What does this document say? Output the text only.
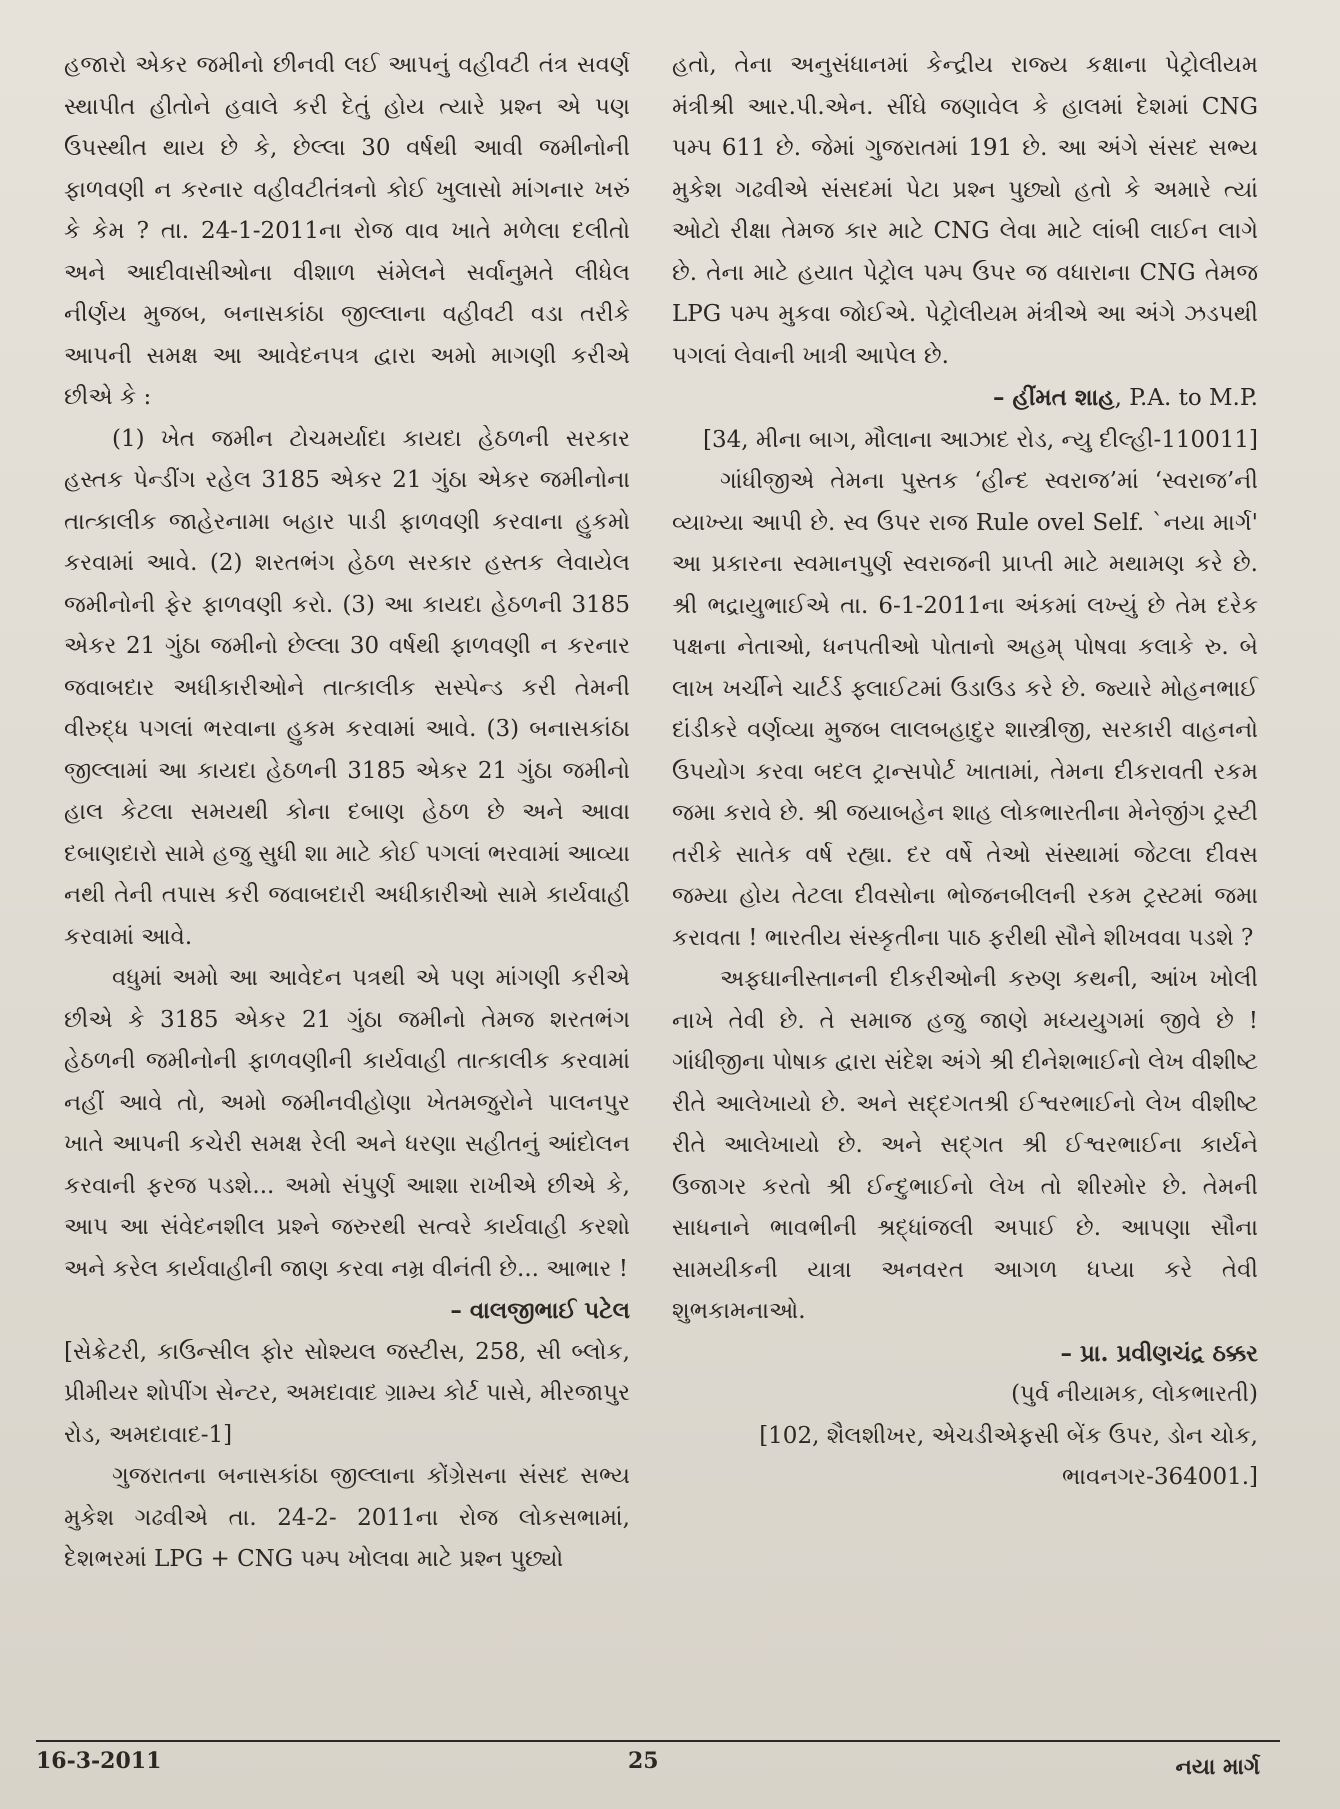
હજારો એકર જમીનો છીનવી લઈ આપનું વહીવટી તંત્ર સવર્ણ સ્થાપીત હીતોને હવાલે કરી દેતું હોય ત્યારે પ્રશ્ન એ પણ ઉપસ્થીત થાય છે કે, છેલ્લા 30 વર્ષથી આવી જમીનોની ફાળવણી ન કરનાર વહીવટીતંત્રનો કોઈ ખુલાસો માંગનાર ખરું કે કેમ ? તા. 24-1-2011ના રોજ વાવ ખાતે મળેલા દલીતો અને આદીવાસીઓના વીશાળ સંમેલને સર્વાનુમતે લીધેલ નીર્ણય મુજબ, બનાસકાંઠા જીલ્લાના વહીવટી વડા તરીકે આપની સમક્ષ આ આવેદનપત્ર દ્વારા અમો માગણી કરીએ છીએ કે :

(1) ખેત જમીન ટોચમર્યાદા કાયદા હેઠળની સરકાર હસ્તક પેન્ડીંગ રહેલ 3185 એકર 21 ગુંઠા એકર જમીનોના તાત્કાલીક જાહેરનામા બહાર પાડી ફાળવણી કરવાના હુકમો કરવામાં આવે. (2) શરતભંગ હેઠળ સરકાર હસ્તક લેવાયેલ જમીનોની ફેર ફાળવણી કરો. (3) આ કાયદા હેઠળની 3185 એકર 21 ગુંઠા જમીનો છેલ્લા 30 વર્ષથી ફાળવણી ન કરનાર જવાબદાર અધીકારીઓને તાત્કાલીક સસ્પેન્ડ કરી તેમની વીરુદ્ધ પગલાં ભરવાના હુકમ કરવામાં આવે. (3) બનાસકાંઠા જીલ્લામાં આ કાયદા હેઠળની 3185 એકર 21 ગુંઠા જમીનો હાલ કેટલા સમયથી કોના દબાણ હેઠળ છે અને આવા દબાણદારો સામે હજુ સુધી શા માટે કોઈ પગલાં ભરવામાં આવ્યા નથી તેની તપાસ કરી જવાબદારી અધીકારીઓ સામે કાર્યવાહી કરવામાં આવે.

વધુમાં અમો આ આવેદન પત્રથી એ પણ માંગણી કરીએ છીએ કે 3185 એકર 21 ગુંઠા જમીનો તેમજ શરતભંગ હેઠળની જમીનોની ફાળવણીની કાર્યવાહી તાત્કાલીક કરવામાં નહીં આવે તો, અમો જમીનવીહોણા ખેતમજુરોને પાલનપુર ખાતે આપની કચેરી સમક્ષ રેલી અને ધરણા સહીતનું આંદોલન કરવાની ફરજ પડશે... અમો સંપુર્ણ આશા રાખીએ છીએ કે, આપ આ સંવેદનશીલ પ્રશ્ને જરુરથી સત્વરે કાર્યવાહી કરશો અને કરેલ કાર્યવાહીની જાણ કરવા નમ્ર વીનંતી છે... આભાર !

– વાલજીભાઈ પટેલ

[સેક્રેટરી, કાઉન્સીલ ફોર સોશ્યલ જસ્ટીસ, 258, સી બ્લોક, પ્રીમીયર શોપીંગ સેન્ટર, અમદાવાદ ગ્રામ્ય કોર્ટ પાસે, મીરજાપુર રોડ, અમદાવાદ-1]

ગુજરાતના બનાસકાંઠા જીલ્લાના કોંગ્રેસના સંસદ સભ્ય મુકેશ ગઢવીએ તા. 24-2- 2011ના રોજ લોકસભામાં, દેશભરમાં LPG + CNG પમ્પ ખોલવા માટે પ્રશ્ન પુછ્યો

હતો, તેના અનુસંધાનમાં કેન્દ્રીય રાજ્ય કક્ષાના પેટ્રોલીયમ મંત્રીશ્રી આર.પી.એન. સીંઘે જણાવેલ કે હાલમાં દેશમાં CNG પમ્પ 611 છે. જેમાં ગુજરાતમાં 191 છે. આ અંગે સંસદ સભ્ય મુકેશ ગઢવીએ સંસદમાં પેટા પ્રશ્ન પુછ્યો હતો કે અમારે ત્યાં ઓટો રીક્ષા તેમજ કાર માટે CNG લેવા માટે લાંબી લાઈન લાગે છે. તેના માટે હયાત પેટ્રોલ પમ્પ ઉપર જ વધારાના CNG તેમજ LPG પમ્પ મુકવા જોઈએ. પેટ્રોલીયમ મંત્રીએ આ અંગે ઝડપથી પગલાં લેવાની ખાત્રી આપેલ છે.

– હીંમત શાહ, P.A. to M.P.

[34, મીના બાગ, મૌલાના આઝાદ રોડ, ન્યુ દીલ્હી-110011]

ગાંધીજીએ તેમના પુસ્તક ‘હીન્દ સ્વરાજ’માં ‘સ્વરાજ’ની વ્યાખ્યા આપી છે. સ્વ ઉપર રાજ Rule ovel Self. `નયા માર્ગ' આ પ્રકારના સ્વમાનપુર્ણ સ્વરાજની પ્રાપ્તી માટે મથામણ કરે છે. શ્રી ભદ્રાયુભાઈએ તા. 6-1-2011ના અંકમાં લખ્યું છે તેમ દરેક પક્ષના નેતાઓ, ધનપતીઓ પોતાનો અહમ્ પોષવા કલાકે રુ. બે લાખ ખર્ચીને ચાર્ટર્ડ ફ્લાઈટમાં ઉડાઉડ કરે છે. જ્યારે મોહનભાઈ દાંડીકરે વર્ણવ્યા મુજબ લાલબહાદુર શાસ્ત્રીજી, સરકારી વાહનનો ઉપયોગ કરવા બદલ ટ્રાન્સપોર્ટ ખાતામાં, તેમના દીકરાવતી રકમ જમા કરાવે છે. શ્રી જયાબહેન શાહ લોકભારતીના મેનેજીંગ ટ્રસ્ટી તરીકે સાતેક વર્ષ રહ્યા. દર વર્ષે તેઓ સંસ્થામાં જેટલા દીવસ જમ્યા હોય તેટલા દીવસોના ભોજનબીલની રકમ ટ્રસ્ટમાં જમા કરાવતા ! ભારતીય સંસ્કૃતીના પાઠ ફરીથી સૌને શીખવવા પડશે ?

અફઘાનીસ્તાનની દીકરીઓની કરુણ કથની, આંખ ખોલી નાખે તેવી છે. તે સમાજ હજુ જાણે મધ્યયુગમાં જીવે છે ! ગાંધીજીના પોષાક દ્વારા સંદેશ અંગે શ્રી દીનેશભાઈનો લેખ વીશીષ્ટ રીતે આલેખાયો છે. અને સદ્દગતશ્રી ઈશ્વરભાઈનો લેખ વીશીષ્ટ રીતે આલેખાયો છે. અને સદ્ગત શ્રી ઈશ્વરભાઈના કાર્યને ઉજાગર કરતો શ્રી ઈન્દુભાઈનો લેખ તો શીરમોર છે. તેમની સાધનાને ભાવભીની શ્રદ્ધાંજલી અપાઈ છે. આપણા સૌના સામયીકની યાત્રા અનવરત આગળ ધપ્યા કરે તેવી શુભકામનાઓ.

– પ્રા. પ્રવીણચંદ્ર ઠક્કર

(પુર્વ નીયામક, લોકભારતી)

[102, શૈલશીખર, એચડીએફસી બેંક ઉપર, ડોન ચોક, ભાવનગર-364001.]

16-3-2011	25	નયા માર્ગ
